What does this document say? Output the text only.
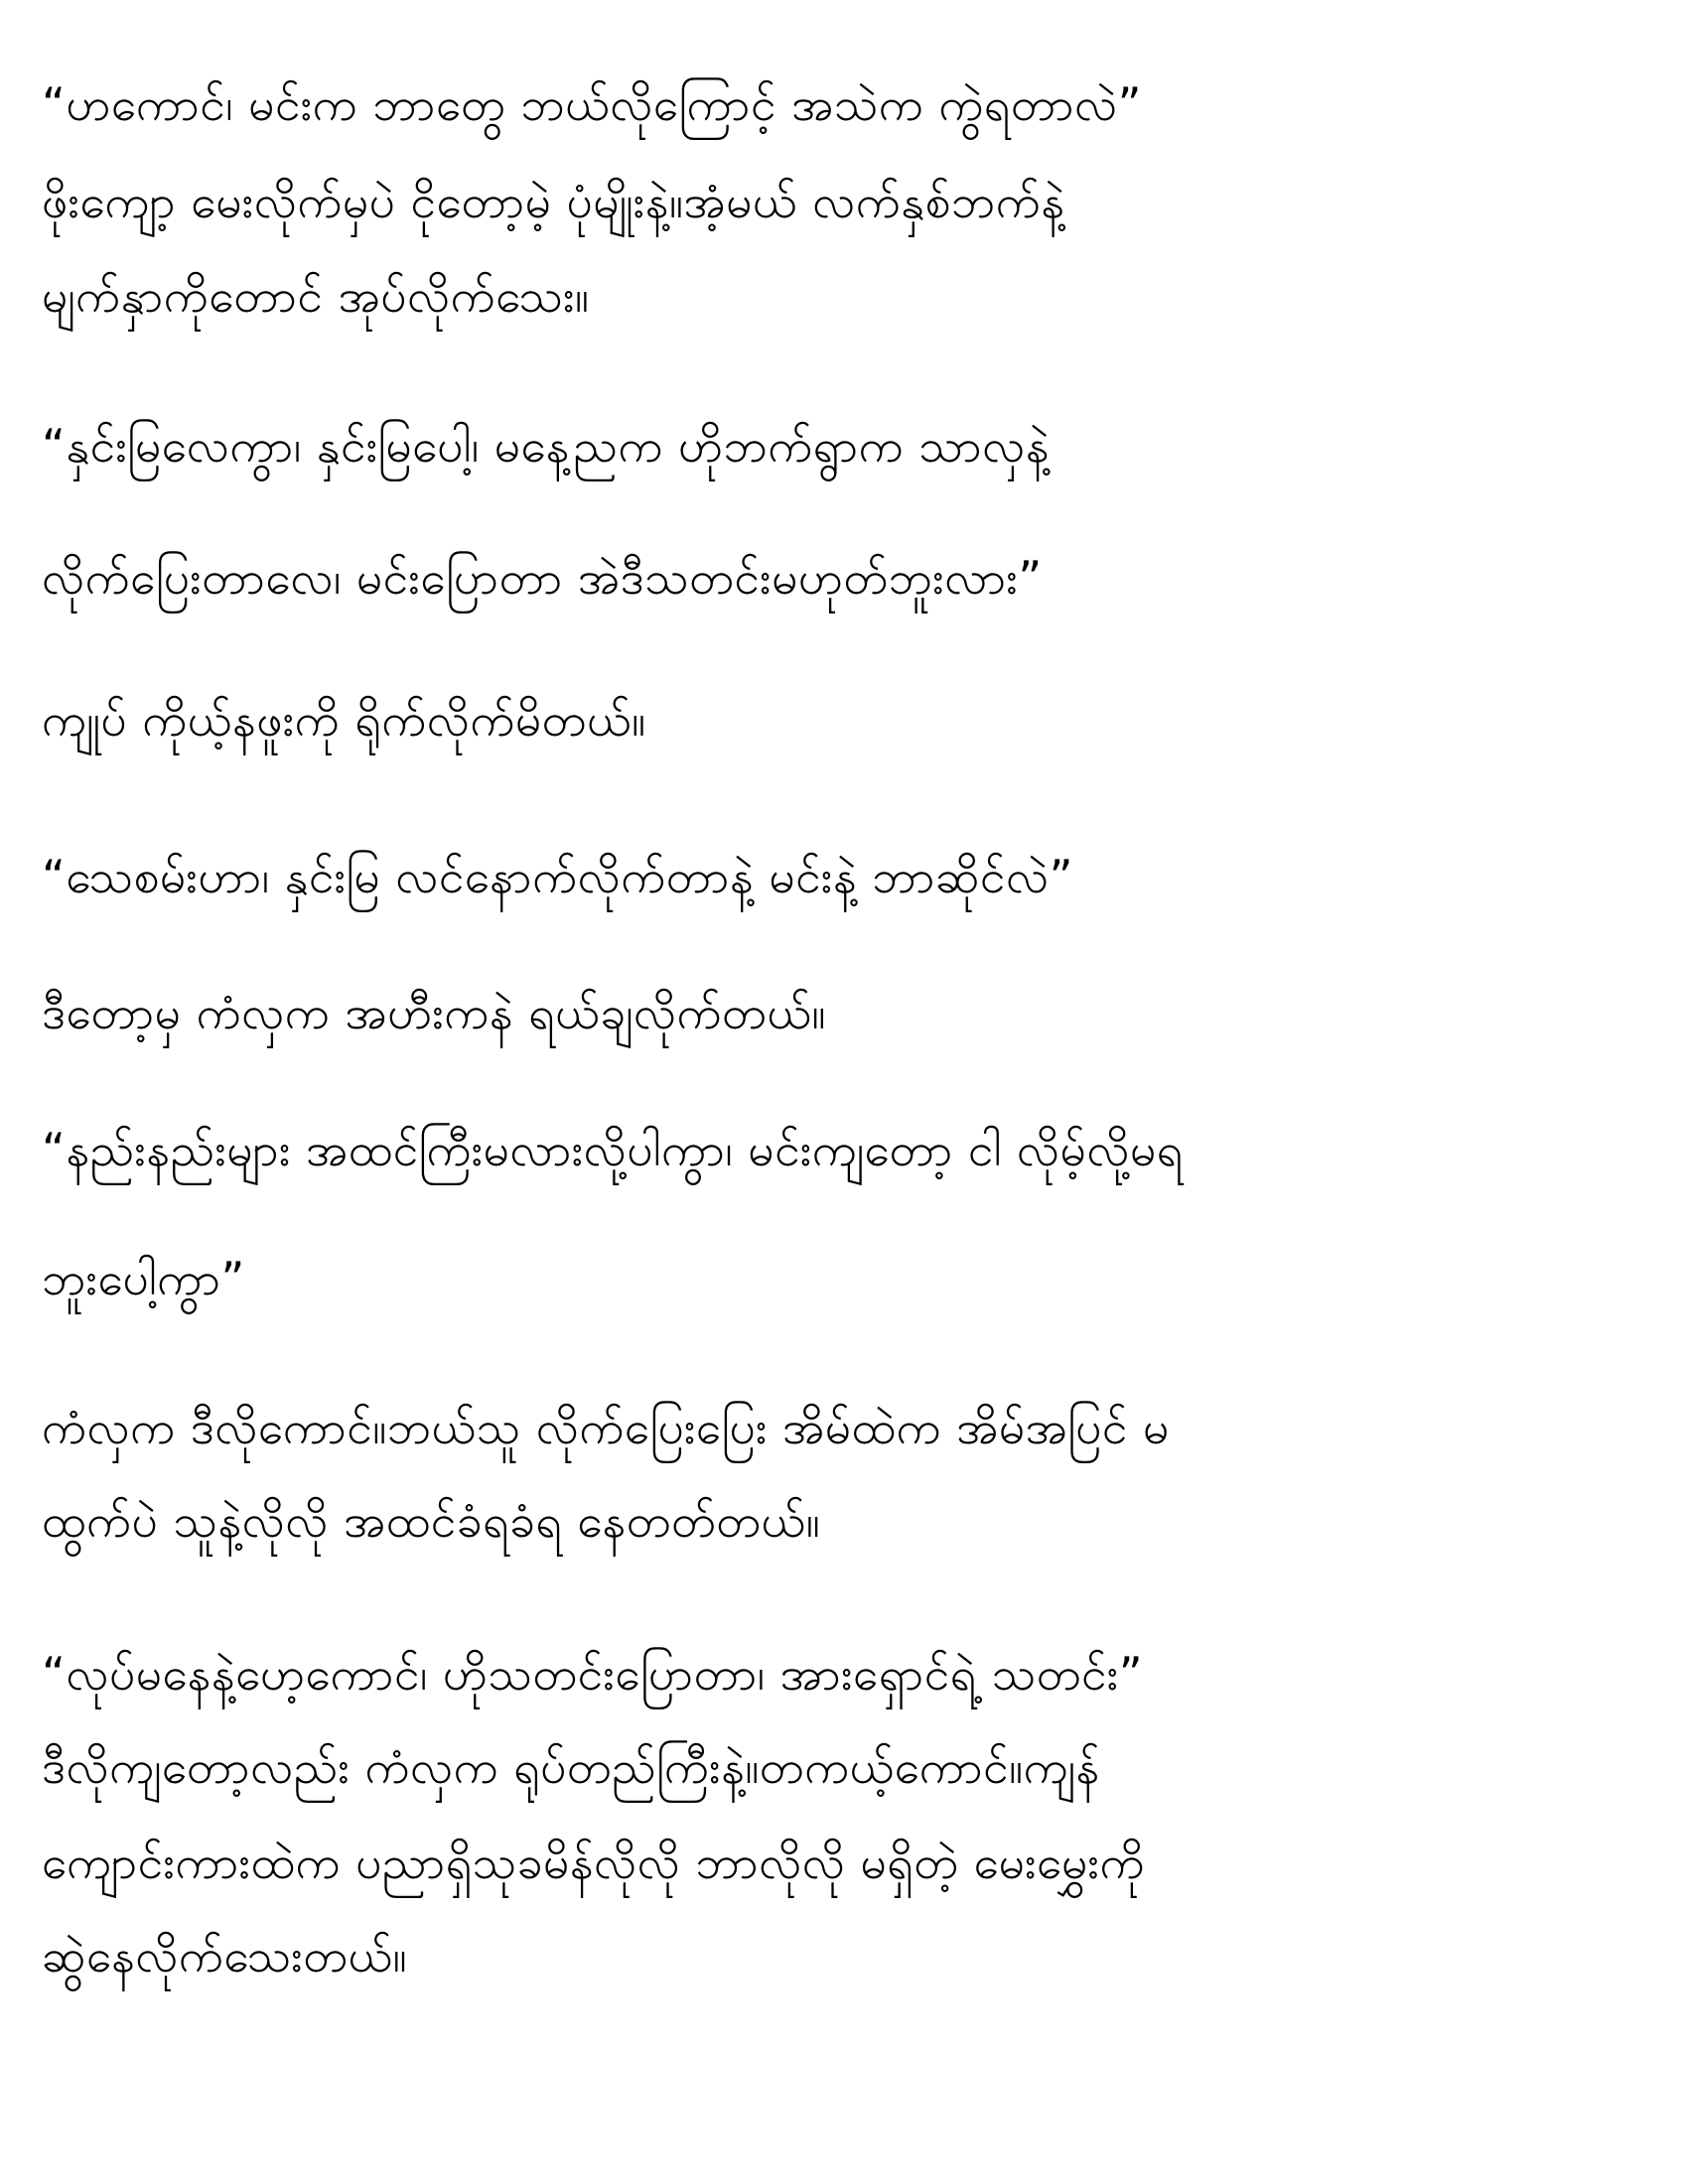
“ဟကောင်၊ မင်းက ဘာတွေ ဘယ်လိုကြောင့် အသဲက ကွဲရတာလဲ”
ဖိုးကျော့ မေးလိုက်မှပဲ ငိုတော့မဲ့ ပုံမျိုးနဲ့။အံ့မယ် လက်နှစ်ဘက်နဲ့
မျက်နှာကိုတောင် အုပ်လိုက်သေး။
“နှင်းမြလေကွာ၊ နှင်းမြပေါ့၊ မနေ့ညက ဟိုဘက်ရွာက သာလှနဲ့
လိုက်ပြေးတာလေ၊ မင်းပြောတာ အဲဒီသတင်းမဟုတ်ဘူးလား”
ကျုပ် ကိုယ့်နဖူးကို ရိုက်လိုက်မိတယ်။
“သေစမ်းဟာ၊ နှင်းမြ လင်နောက်လိုက်တာနဲ့ မင်းနဲ့ ဘာဆိုင်လဲ”
ဒီတော့မှ ကံလှက အဟီးကနဲ ရယ်ချလိုက်တယ်။
“နည်းနည်းများ အထင်ကြီးမလားလို့ပါကွာ၊ မင်းကျတော့ ငါ လိုမ့်လို့မရ
ဘူးပေါ့ကွာ”
ကံလှက ဒီလိုကောင်။ဘယ်သူ လိုက်ပြေးပြေး အိမ်ထဲက အိမ်အပြင် မ
ထွက်ပဲ သူနဲ့လိုလို အထင်ခံရခံရ နေတတ်တယ်။
“လုပ်မနေနဲ့ဟေ့ကောင်၊ ဟိုသတင်းပြောတာ၊ အားရှောင်ရဲ့ သတင်း”
ဒီလိုကျတော့လည်း ကံလှက ရုပ်တည်ကြီးနဲ့။တကယ့်ကောင်။ကျန်
ကျောင်းကားထဲက ပညာရှိသုခမိန်လိုလို ဘာလိုလို မရှိတဲ့ မေးမွှေးကို
ဆွဲနေလိုက်သေးတယ်။
